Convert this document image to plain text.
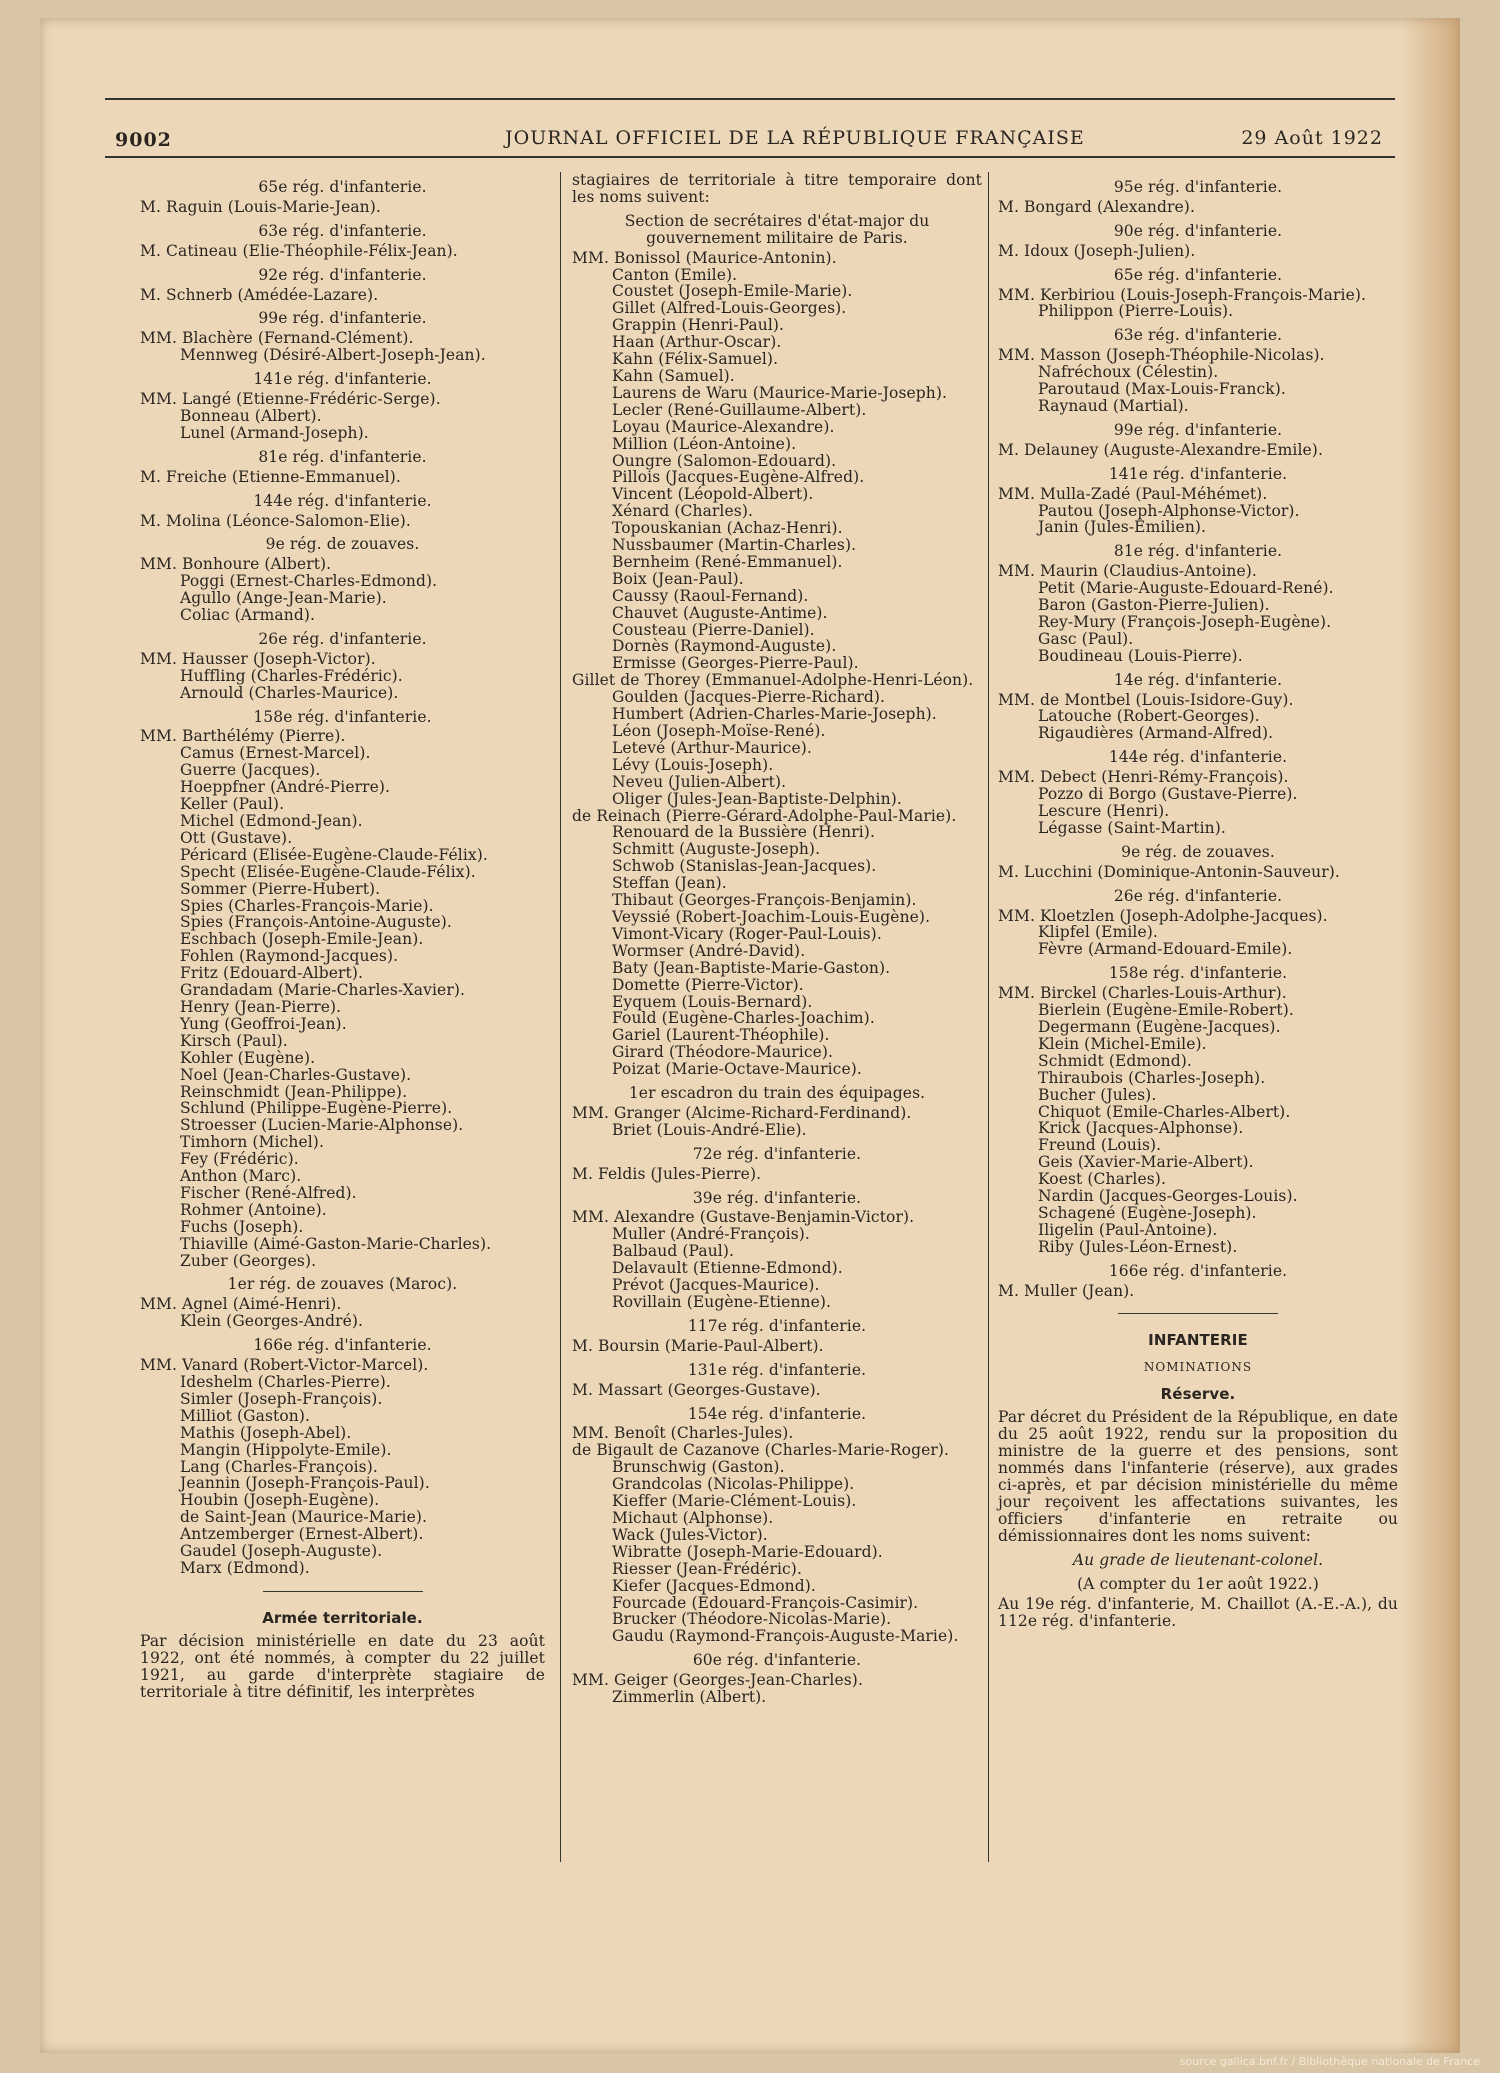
9002	JOURNAL OFFICIEL DE LA RÉPUBLIQUE FRANÇAISE	29 Août 1922
65e rég. d'infanterie.
M. Raguin (Louis-Marie-Jean).
63e rég. d'infanterie.
M. Catineau (Elie-Théophile-Félix-Jean).
92e rég. d'infanterie.
M. Schnerb (Amédée-Lazare).
99e rég. d'infanterie.
MM. Blachère (Fernand-Clément).
Mennweg (Désiré-Albert-Joseph-Jean).
141e rég. d'infanterie.
MM. Langé (Etienne-Frédéric-Serge).
Bonneau (Albert).
Lunel (Armand-Joseph).
81e rég. d'infanterie.
M. Freiche (Etienne-Emmanuel).
144e rég. d'infanterie.
M. Molina (Léonce-Salomon-Elie).
9e rég. de zouaves.
MM. Bonhoure (Albert).
Poggi (Ernest-Charles-Edmond).
Agullo (Ange-Jean-Marie).
Coliac (Armand).
26e rég. d'infanterie.
MM. Hausser (Joseph-Victor).
Huffling (Charles-Frédéric).
Arnould (Charles-Maurice).
158e rég. d'infanterie.
MM. Barthélémy (Pierre).
Camus (Ernest-Marcel).
Guerre (Jacques).
Hoeppfner (André-Pierre).
Keller (Paul).
Michel (Edmond-Jean).
Ott (Gustave).
Péricard (Elisée-Eugène-Claude-Félix).
Specht (Elisée-Eugène-Claude-Félix).
Sommer (Pierre-Hubert).
Spies (Charles-François-Marie).
Spies (François-Antoine-Auguste).
Eschbach (Joseph-Emile-Jean).
Fohlen (Raymond-Jacques).
Fritz (Edouard-Albert).
Grandadam (Marie-Charles-Xavier).
Henry (Jean-Pierre).
Yung (Geoffroi-Jean).
Kirsch (Paul).
Kohler (Eugène).
Noel (Jean-Charles-Gustave).
Reinschmidt (Jean-Philippe).
Schlund (Philippe-Eugène-Pierre).
Stroesser (Lucien-Marie-Alphonse).
Timhorn (Michel).
Fey (Frédéric).
Anthon (Marc).
Fischer (René-Alfred).
Rohmer (Antoine).
Fuchs (Joseph).
Thiaville (Aimé-Gaston-Marie-Charles).
Zuber (Georges).
1er rég. de zouaves (Maroc).
MM. Agnel (Aimé-Henri).
Klein (Georges-André).
166e rég. d'infanterie.
MM. Vanard (Robert-Victor-Marcel).
Ideshelm (Charles-Pierre).
Simler (Joseph-François).
Milliot (Gaston).
Mathis (Joseph-Abel).
Mangin (Hippolyte-Emile).
Lang (Charles-François).
Jeannin (Joseph-François-Paul).
Houbin (Joseph-Eugène).
de Saint-Jean (Maurice-Marie).
Antzemberger (Ernest-Albert).
Gaudel (Joseph-Auguste).
Marx (Edmond).
Armée territoriale.
Par décision ministérielle en date du 23 août 1922, ont été nommés, à compter du 22 juillet 1921, au garde d'interprète stagiaire de territoriale à titre définitif, les interprètes
stagiaires de territoriale à titre temporaire dont les noms suivent:
Section de secrétaires d'état-major du gouvernement militaire de Paris.
MM. Bonissol (Maurice-Antonin).
Canton (Emile).
Coustet (Joseph-Emile-Marie).
Gillet (Alfred-Louis-Georges).
Grappin (Henri-Paul).
Haan (Arthur-Oscar).
Kahn (Félix-Samuel).
Kahn (Samuel).
Laurens de Waru (Maurice-Marie-Joseph).
Lecler (René-Guillaume-Albert).
Loyau (Maurice-Alexandre).
Million (Léon-Antoine).
Oungre (Salomon-Edouard).
Pillois (Jacques-Eugène-Alfred).
Vincent (Léopold-Albert).
Xénard (Charles).
Topouskanian (Achaz-Henri).
Nussbaumer (Martin-Charles).
Bernheim (René-Emmanuel).
Boix (Jean-Paul).
Caussy (Raoul-Fernand).
Chauvet (Auguste-Antime).
Cousteau (Pierre-Daniel).
Dornès (Raymond-Auguste).
Ermisse (Georges-Pierre-Paul).
Gillet de Thorey (Emmanuel-Adolphe-Henri-Léon).
Goulden (Jacques-Pierre-Richard).
Humbert (Adrien-Charles-Marie-Joseph).
Léon (Joseph-Moïse-René).
Letevé (Arthur-Maurice).
Lévy (Louis-Joseph).
Neveu (Julien-Albert).
Oliger (Jules-Jean-Baptiste-Delphin).
de Reinach (Pierre-Gérard-Adolphe-Paul-Marie).
Renouard de la Bussière (Henri).
Schmitt (Auguste-Joseph).
Schwob (Stanislas-Jean-Jacques).
Steffan (Jean).
Thibaut (Georges-François-Benjamin).
Veyssié (Robert-Joachim-Louis-Eugène).
Vimont-Vicary (Roger-Paul-Louis).
Wormser (André-David).
Baty (Jean-Baptiste-Marie-Gaston).
Domette (Pierre-Victor).
Eyquem (Louis-Bernard).
Fould (Eugène-Charles-Joachim).
Gariel (Laurent-Théophile).
Girard (Théodore-Maurice).
Poizat (Marie-Octave-Maurice).
1er escadron du train des équipages.
MM. Granger (Alcime-Richard-Ferdinand).
Briet (Louis-André-Elie).
72e rég. d'infanterie.
M. Feldis (Jules-Pierre).
39e rég. d'infanterie.
MM. Alexandre (Gustave-Benjamin-Victor).
Muller (André-François).
Balbaud (Paul).
Delavault (Etienne-Edmond).
Prévot (Jacques-Maurice).
Rovillain (Eugène-Etienne).
117e rég. d'infanterie.
M. Boursin (Marie-Paul-Albert).
131e rég. d'infanterie.
M. Massart (Georges-Gustave).
154e rég. d'infanterie.
MM. Benoît (Charles-Jules).
de Bigault de Cazanove (Charles-Marie-Roger).
Brunschwig (Gaston).
Grandcolas (Nicolas-Philippe).
Kieffer (Marie-Clément-Louis).
Michaut (Alphonse).
Wack (Jules-Victor).
Wibratte (Joseph-Marie-Edouard).
Riesser (Jean-Frédéric).
Kiefer (Jacques-Edmond).
Fourcade (Edouard-François-Casimir).
Brucker (Théodore-Nicolas-Marie).
Gaudu (Raymond-François-Auguste-Marie).
60e rég. d'infanterie.
MM. Geiger (Georges-Jean-Charles).
Zimmerlin (Albert).
95e rég. d'infanterie.
M. Bongard (Alexandre).
90e rég. d'infanterie.
M. Idoux (Joseph-Julien).
65e rég. d'infanterie.
MM. Kerbiriou (Louis-Joseph-François-Marie).
Philippon (Pierre-Louis).
63e rég. d'infanterie.
MM. Masson (Joseph-Théophile-Nicolas).
Nafréchoux (Célestin).
Paroutaud (Max-Louis-Franck).
Raynaud (Martial).
99e rég. d'infanterie.
M. Delauney (Auguste-Alexandre-Emile).
141e rég. d'infanterie.
MM. Mulla-Zadé (Paul-Méhémet).
Pautou (Joseph-Alphonse-Victor).
Janin (Jules-Emilien).
81e rég. d'infanterie.
MM. Maurin (Claudius-Antoine).
Petit (Marie-Auguste-Edouard-René).
Baron (Gaston-Pierre-Julien).
Rey-Mury (François-Joseph-Eugène).
Gasc (Paul).
Boudineau (Louis-Pierre).
14e rég. d'infanterie.
MM. de Montbel (Louis-Isidore-Guy).
Latouche (Robert-Georges).
Rigaudières (Armand-Alfred).
144e rég. d'infanterie.
MM. Debect (Henri-Rémy-François).
Pozzo di Borgo (Gustave-Pierre).
Lescure (Henri).
Légasse (Saint-Martin).
9e rég. de zouaves.
M. Lucchini (Dominique-Antonin-Sauveur).
26e rég. d'infanterie.
MM. Kloetzlen (Joseph-Adolphe-Jacques).
Klipfel (Emile).
Fèvre (Armand-Edouard-Emile).
158e rég. d'infanterie.
MM. Birckel (Charles-Louis-Arthur).
Bierlein (Eugène-Emile-Robert).
Degermann (Eugène-Jacques).
Klein (Michel-Emile).
Schmidt (Edmond).
Thiraubois (Charles-Joseph).
Bucher (Jules).
Chiquot (Emile-Charles-Albert).
Krick (Jacques-Alphonse).
Freund (Louis).
Geis (Xavier-Marie-Albert).
Koest (Charles).
Nardin (Jacques-Georges-Louis).
Schagené (Eugène-Joseph).
Iligelin (Paul-Antoine).
Riby (Jules-Léon-Ernest).
166e rég. d'infanterie.
M. Muller (Jean).
INFANTERIE
NOMINATIONS
Réserve.
Par décret du Président de la République, en date du 25 août 1922, rendu sur la proposition du ministre de la guerre et des pensions, sont nommés dans l'infanterie (réserve), aux grades ci-après, et par décision ministérielle du même jour reçoivent les affectations suivantes, les officiers d'infanterie en retraite ou démissionnaires dont les noms suivent:
Au grade de lieutenant-colonel.
(A compter du 1er août 1922.)
Au 19e rég. d'infanterie, M. Chaillot (A.-E.-A.), du 112e rég. d'infanterie.
source gallica.bnf.fr / Bibliothèque nationale de France
